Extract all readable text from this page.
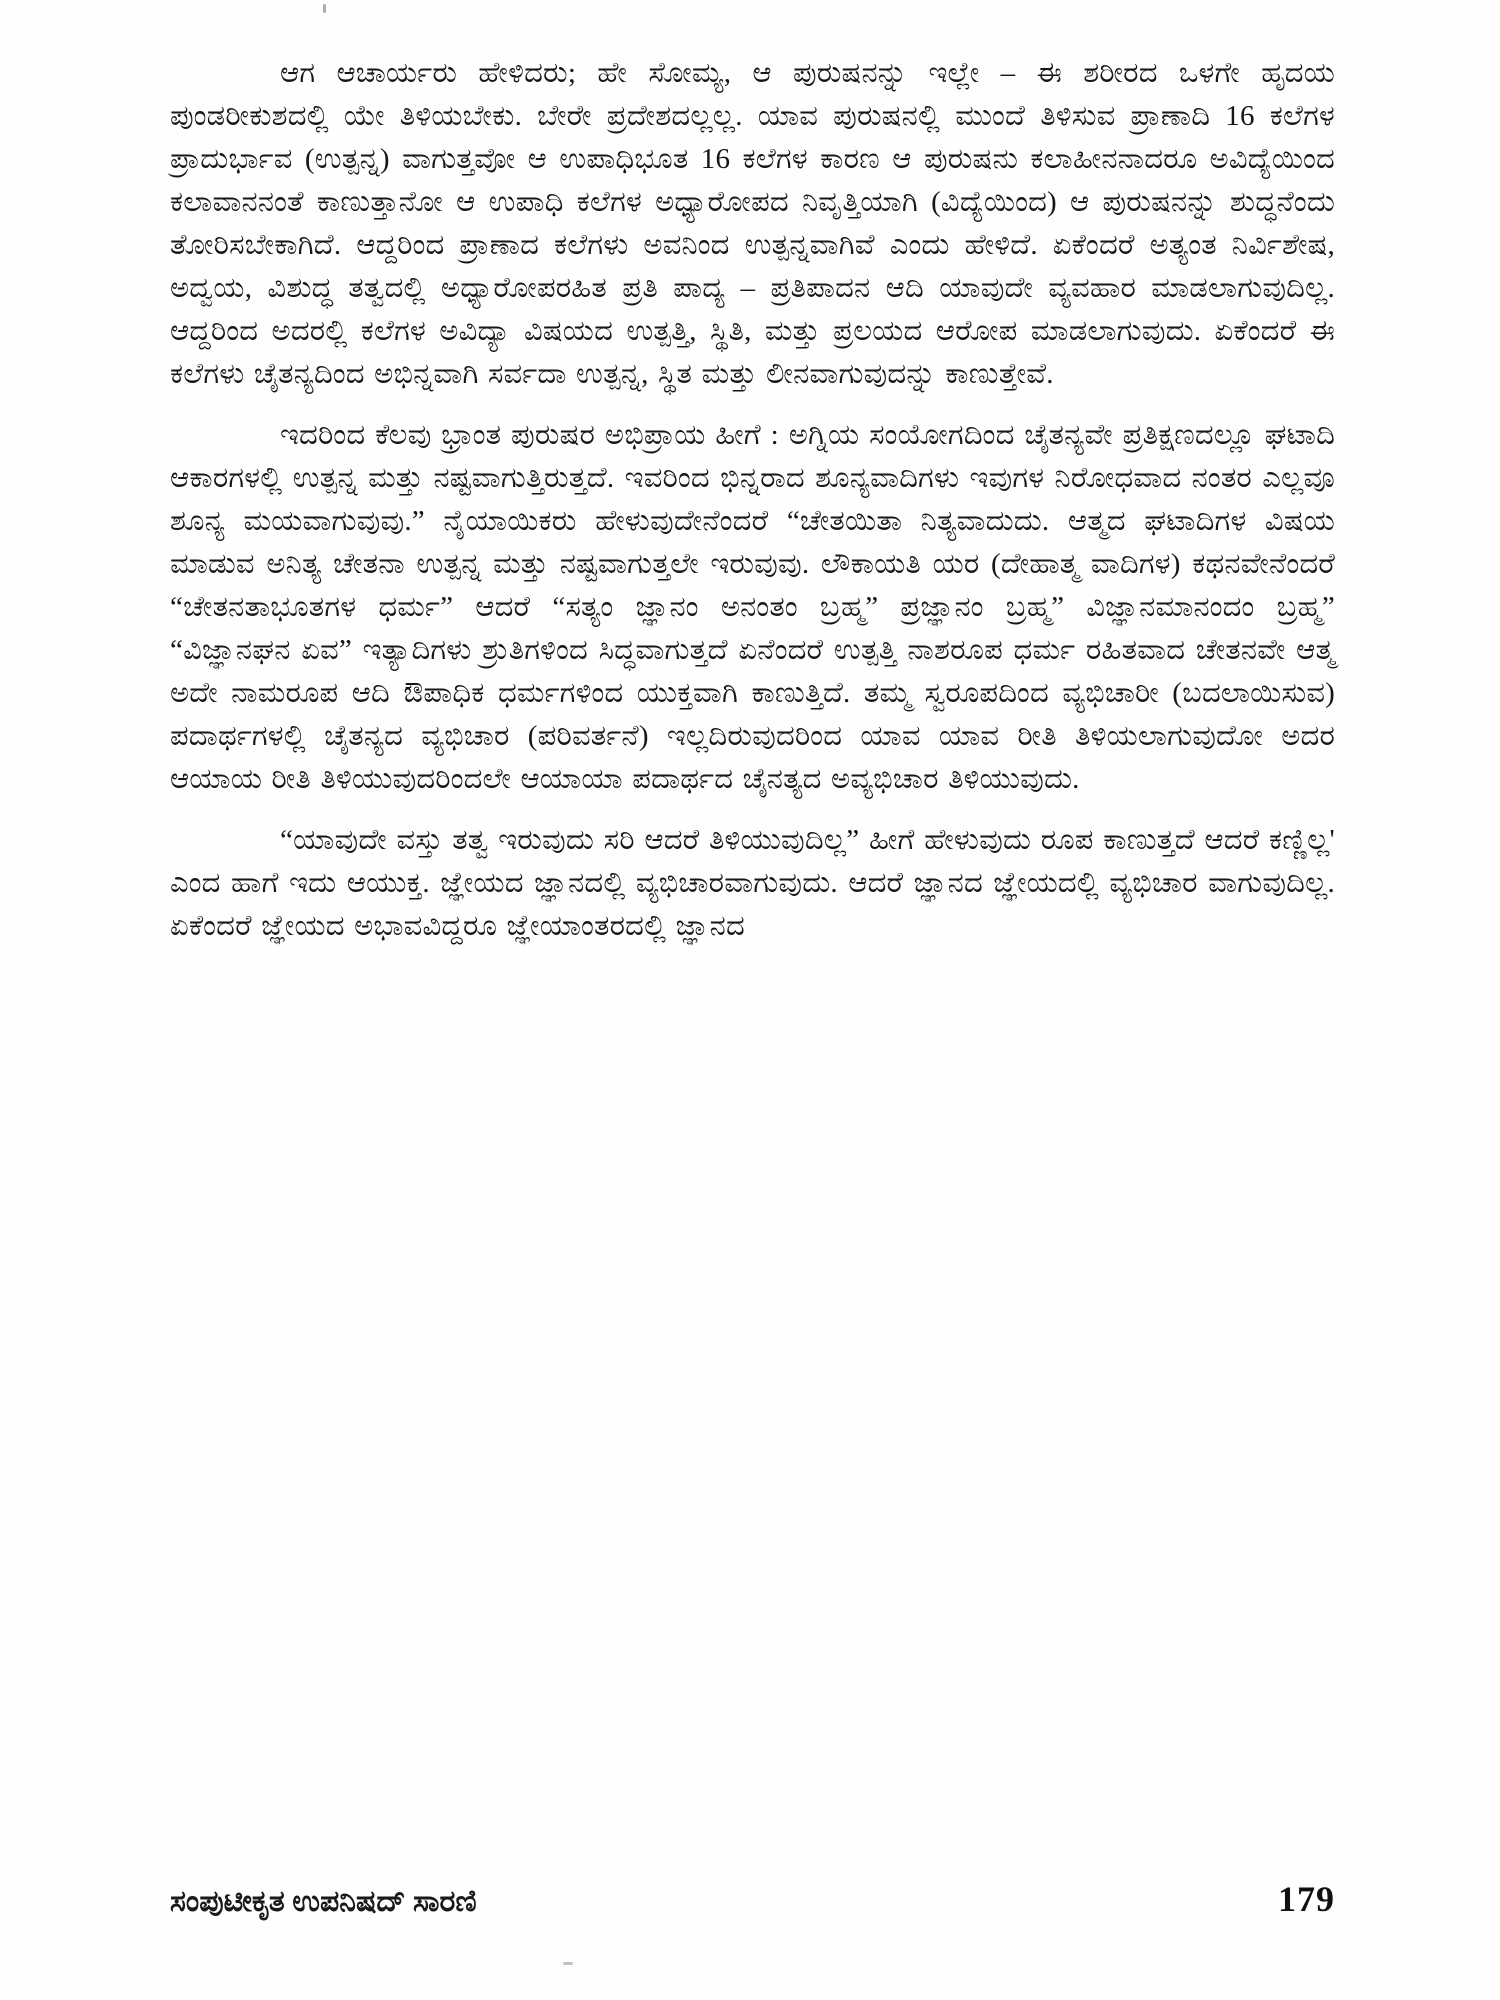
ಆಗ ಆಚಾರ್ಯರು ಹೇಳಿದರು; ಹೇ ಸೋಮ್ಯ, ಆ ಪುರುಷನನ್ನು ಇಲ್ಲೇ – ಈ ಶರೀರದ ಒಳಗೇ ಹೃದಯ ಪುಂಡರೀಕುಶದಲ್ಲಿ ಯೇ ತಿಳಿಯಬೇಕು. ಬೇರೇ ಪ್ರದೇಶದಲ್ಲಲ್ಲ. ಯಾವ ಪುರುಷನಲ್ಲಿ ಮುಂದೆ ತಿಳಿಸುವ ಪ್ರಾಣಾದಿ 16 ಕಲೆಗಳ ಪ್ರಾದುರ್ಭಾವ (ಉತ್ಪನ್ನ) ವಾಗುತ್ತವೋ ಆ ಉಪಾಧಿಭೂತ 16 ಕಲೆಗಳ ಕಾರಣ ಆ ಪುರುಷನು ಕಲಾಹೀನನಾದರೂ ಅವಿದ್ಯೆಯಿಂದ ಕಲಾವಾನನಂತೆ ಕಾಣುತ್ತಾನೋ ಆ ಉಪಾಧಿ ಕಲೆಗಳ ಅಧ್ಯಾರೋಪದ ನಿವೃತ್ತಿಯಾಗಿ (ವಿದ್ಯೆಯಿಂದ) ಆ ಪುರುಷನನ್ನು ಶುದ್ಧನೆಂದು ತೋರಿಸಬೇಕಾಗಿದೆ. ಆದ್ದರಿಂದ ಪ್ರಾಣಾದ ಕಲೆಗಳು ಅವನಿಂದ ಉತ್ಪನ್ನವಾಗಿವೆ ಎಂದು ಹೇಳಿದೆ. ಏಕೆಂದರೆ ಅತ್ಯಂತ ನಿರ್ವಿಶೇಷ, ಅದ್ವಯ, ವಿಶುದ್ಧ ತತ್ವದಲ್ಲಿ ಅಧ್ಯಾರೋಪರಹಿತ ಪ್ರತಿ ಪಾದ್ಯ – ಪ್ರತಿಪಾದನ ಆದಿ ಯಾವುದೇ ವ್ಯವಹಾರ ಮಾಡಲಾಗುವುದಿಲ್ಲ. ಆದ್ದರಿಂದ ಅದರಲ್ಲಿ ಕಲೆಗಳ ಅವಿದ್ಯಾ ವಿಷಯದ ಉತ್ಪತ್ತಿ, ಸ್ಥಿತಿ, ಮತ್ತು ಪ್ರಲಯದ ಆರೋಪ ಮಾಡಲಾಗುವುದು. ಏಕೆಂದರೆ ಈ ಕಲೆಗಳು ಚೈತನ್ಯದಿಂದ ಅಭಿನ್ನವಾಗಿ ಸರ್ವದಾ ಉತ್ಪನ್ನ, ಸ್ಥಿತ ಮತ್ತು ಲೀನವಾಗುವುದನ್ನು ಕಾಣುತ್ತೇವೆ.

ಇದರಿಂದ ಕೆಲವು ಭ್ರಾಂತ ಪುರುಷರ ಅಭಿಪ್ರಾಯ ಹೀಗೆ : ಅಗ್ನಿಯ ಸಂಯೋಗದಿಂದ ಚೈತನ್ಯವೇ ಪ್ರತಿಕ್ಷಣದಲ್ಲೂ ಘಟಾದಿ ಆಕಾರಗಳಲ್ಲಿ ಉತ್ಪನ್ನ ಮತ್ತು ನಷ್ಟವಾಗುತ್ತಿರುತ್ತದೆ. ಇವರಿಂದ ಭಿನ್ನರಾದ ಶೂನ್ಯವಾದಿಗಳು ಇವುಗಳ ನಿರೋಧವಾದ ನಂತರ ಎಲ್ಲವೂ ಶೂನ್ಯ ಮಯವಾಗುವುವು.” ನೈಯಾಯಿಕರು ಹೇಳುವುದೇನೆಂದರೆ “ಚೇತಯಿತಾ ನಿತ್ಯವಾದುದು. ಆತ್ಮದ ಘಟಾದಿಗಳ ವಿಷಯ ಮಾಡುವ ಅನಿತ್ಯ ಚೇತನಾ ಉತ್ಪನ್ನ ಮತ್ತು ನಷ್ಟವಾಗುತ್ತಲೇ ಇರುವುವು. ಲೌಕಾಯತಿ ಯರ (ದೇಹಾತ್ಮ ವಾದಿಗಳ) ಕಥನವೇನೆಂದರೆ “ಚೇತನತಾಭೂತಗಳ ಧರ್ಮ” ಆದರೆ “ಸತ್ಯಂ ಜ್ಞಾನಂ ಅನಂತಂ ಬ್ರಹ್ಮ” ಪ್ರಜ್ಞಾನಂ ಬ್ರಹ್ಮ” ವಿಜ್ಞಾನಮಾನಂದಂ ಬ್ರಹ್ಮ” “ವಿಜ್ಞಾನಘನ ಏವ” ಇತ್ಯಾದಿಗಳು ಶ್ರುತಿಗಳಿಂದ ಸಿದ್ಧವಾಗುತ್ತದೆ ಏನೆಂದರೆ ಉತ್ಪತ್ತಿ ನಾಶರೂಪ ಧರ್ಮ ರಹಿತವಾದ ಚೇತನವೇ ಆತ್ಮ ಅದೇ ನಾಮರೂಪ ಆದಿ ಔಪಾಧಿಕ ಧರ್ಮಗಳಿಂದ ಯುಕ್ತವಾಗಿ ಕಾಣುತ್ತಿದೆ. ತಮ್ಮ ಸ್ವರೂಪದಿಂದ ವ್ಯಭಿಚಾರೀ (ಬದಲಾಯಿಸುವ) ಪದಾರ್ಥಗಳಲ್ಲಿ ಚೈತನ್ಯದ ವ್ಯಭಿಚಾರ (ಪರಿವರ್ತನೆ) ಇಲ್ಲದಿರುವುದರಿಂದ ಯಾವ ಯಾವ ರೀತಿ ತಿಳಿಯಲಾಗುವುದೋ ಅದರ ಆಯಾಯ ರೀತಿ ತಿಳಿಯುವುದರಿಂದಲೇ ಆಯಾಯಾ ಪದಾರ್ಥದ ಚೈನತ್ಯದ ಅವ್ಯಭಿಚಾರ ತಿಳಿಯುವುದು.

“ಯಾವುದೇ ವಸ್ತು ತತ್ವ ಇರುವುದು ಸರಿ ಆದರೆ ತಿಳಿಯುವುದಿಲ್ಲ” ಹೀಗೆ ಹೇಳುವುದು ರೂಪ ಕಾಣುತ್ತದೆ ಆದರೆ ಕಣ್ಣಿಲ್ಲ' ಎಂದ ಹಾಗೆ ಇದು ಆಯುಕ್ತ. ಜ್ಞೇಯದ ಜ್ಞಾನದಲ್ಲಿ ವ್ಯಭಿಚಾರವಾಗುವುದು. ಆದರೆ ಜ್ಞಾನದ ಜ್ಞೇಯದಲ್ಲಿ ವ್ಯಭಿಚಾರ ವಾಗುವುದಿಲ್ಲ. ಏಕೆಂದರೆ ಜ್ಞೇಯದ ಅಭಾವವಿದ್ದರೂ ಜ್ಞೇಯಾಂತರದಲ್ಲಿ ಜ್ಞಾನದ

ಸಂಪುಟೀಕೃತ ಉಪನಿಷದ್ ಸಾರಣಿ	179
